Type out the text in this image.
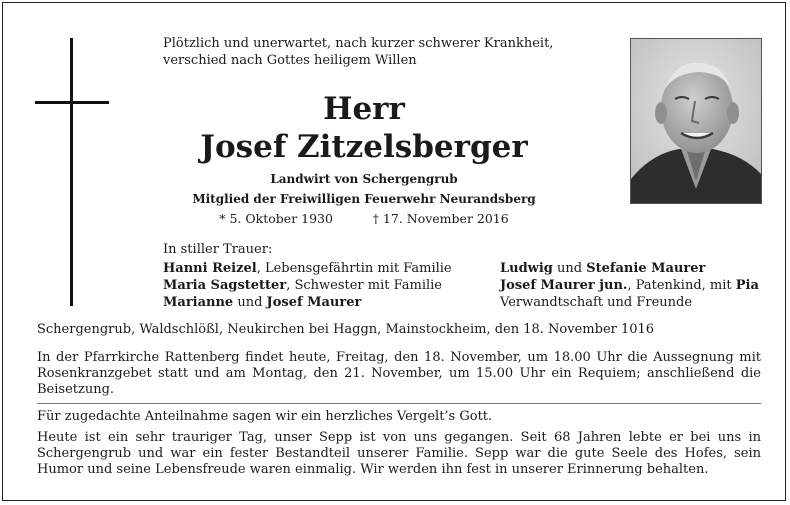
Plötzlich und unerwartet, nach kurzer schwerer Krankheit,
verschied nach Gottes heiligem Willen
Herr
Josef Zitzelsberger
Landwirt von Schergengrub
Mitglied der Freiwilligen Feuerwehr Neurandsberg
* 5. Oktober 1930	† 17. November 2016
In stiller Trauer:
Hanni Reizel, Lebensgefährtin mit Familie
Maria Sagstetter, Schwester mit Familie
Marianne und Josef Maurer
Ludwig und Stefanie Maurer
Josef Maurer jun., Patenkind, mit Pia
Verwandtschaft und Freunde
Schergengrub, Waldschlößl, Neukirchen bei Haggn, Mainstockheim, den 18. November 1016
In der Pfarrkirche Rattenberg findet heute, Freitag, den 18. November, um 18.00 Uhr die Aussegnung mit Rosenkranzgebet statt und am Montag, den 21. November, um 15.00 Uhr ein Requiem; anschließend die Beisetzung.
Für zugedachte Anteilnahme sagen wir ein herzliches Vergelt’s Gott.
Heute ist ein sehr trauriger Tag, unser Sepp ist von uns gegangen. Seit 68 Jahren lebte er bei uns in Schergengrub und war ein fester Bestandteil unserer Familie. Sepp war die gute Seele des Hofes, sein Humor und seine Lebensfreude waren einmalig. Wir werden ihn fest in unserer Erinnerung behalten.
